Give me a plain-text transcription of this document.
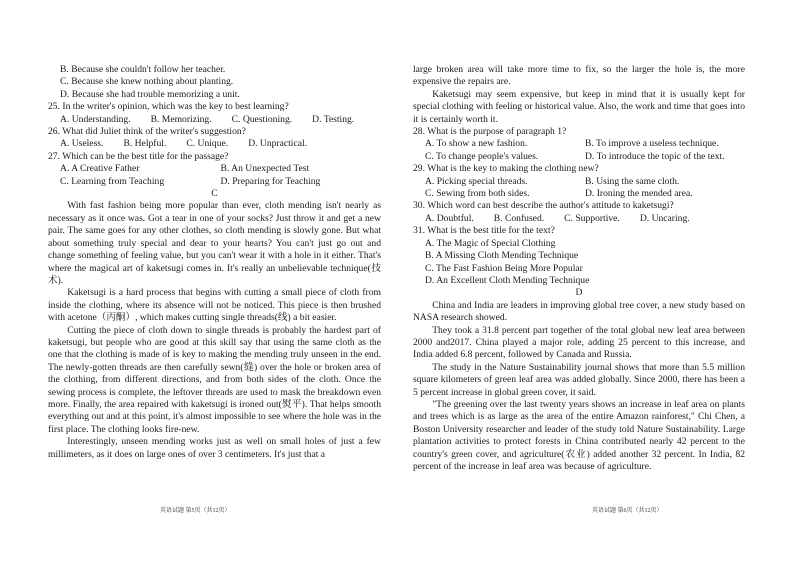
B. Because she couldn't follow her teacher.
C. Because she knew nothing about planting.
D. Because she had trouble memorizing a unit.
25. In the writer's opinion, which was the key to best learning?
A. Understanding. B. Memorizing. C. Questioning. D. Testing.
26. What did Juliet think of the writer's suggestion?
A. Useless. B. Helpful. C. Unique. D. Unpractical.
27. Which can be the best title for the passage?
A. A Creative Father	B. An Unexpected Test
C. Learning from Teaching	D. Preparing for Teaching
C

With fast fashion being more popular than ever, cloth mending isn't nearly as necessary as it once was. Got a tear in one of your socks? Just throw it and get a new pair. The same goes for any other clothes, so cloth mending is slowly gone. But what about something truly special and dear to your hearts? You can't just go out and change something of feeling value, but you can't wear it with a hole in it either. That's where the magical art of kaketsugi comes in. It's really an unbelievable technique(技术).

Kaketsugi is a hard process that begins with cutting a small piece of cloth from inside the clothing, where its absence will not be noticed. This piece is then brushed with acetone（丙酮）, which makes cutting single threads(线) a bit easier.

Cutting the piece of cloth down to single threads is probably the hardest part of kaketsugi, but people who are good at this skill say that using the same cloth as the one that the clothing is made of is key to making the mending truly unseen in the end. The newly-gotten threads are then carefully sewn(缝) over the hole or broken area of the clothing, from different directions, and from both sides of the cloth. Once the sewing process is complete, the leftover threads are used to mask the breakdown even more. Finally, the area repaired with kaketsugi is ironed out(熨平). That helps smooth everything out and at this point, it's almost impossible to see where the hole was in the first place. The clothing looks fire-new.

Interestingly, unseen mending works just as well on small holes of just a few millimeters, as it does on large ones of over 3 centimeters. It's just that a

英语试题 第5页（共12页）

large broken area will take more time to fix, so the larger the hole is, the more expensive the repairs are.

Kaketsugi may seem expensive, but keep in mind that it is usually kept for special clothing with feeling or historical value. Also, the work and time that goes into it is certainly worth it.

28. What is the purpose of paragraph 1?
A. To show a new fashion.	B. To improve a useless technique.
C. To change people's values.	D. To introduce the topic of the text.
29. What is the key to making the clothing new?
A. Picking special threads.	B. Using the same cloth.
C. Sewing from both sides.	D. Ironing the mended area.
30. Which word can best describe the author's attitude to kaketsugi?
A. Doubtful. B. Confused. C. Supportive. D. Uncaring.
31. What is the best title for the text?
A. The Magic of Special Clothing
B. A Missing Cloth Mending Technique
C. The Fast Fashion Being More Popular
D. An Excellent Cloth Mending Technique
D

China and India are leaders in improving global tree cover, a new study based on NASA research showed.

They took a 31.8 percent part together of the total global new leaf area between 2000 and2017. China played a major role, adding 25 percent to this increase, and India added 6.8 percent, followed by Canada and Russia.

The study in the Nature Sustainability journal shows that more than 5.5 million square kilometers of green leaf area was added globally. Since 2000, there has been a 5 percent increase in global green cover, it said.

"The greening over the last twenty years shows an increase in leaf area on plants and trees which is as large as the area of the entire Amazon rainforest," Chi Chen, a Boston University researcher and leader of the study told Nature Sustainability. Large plantation activities to protect forests in China contributed nearly 42 percent to the country's green cover, and agriculture(农业) added another 32 percent. In India, 82 percent of the increase in leaf area was because of agriculture.

英语试题 第6页（共12页）
